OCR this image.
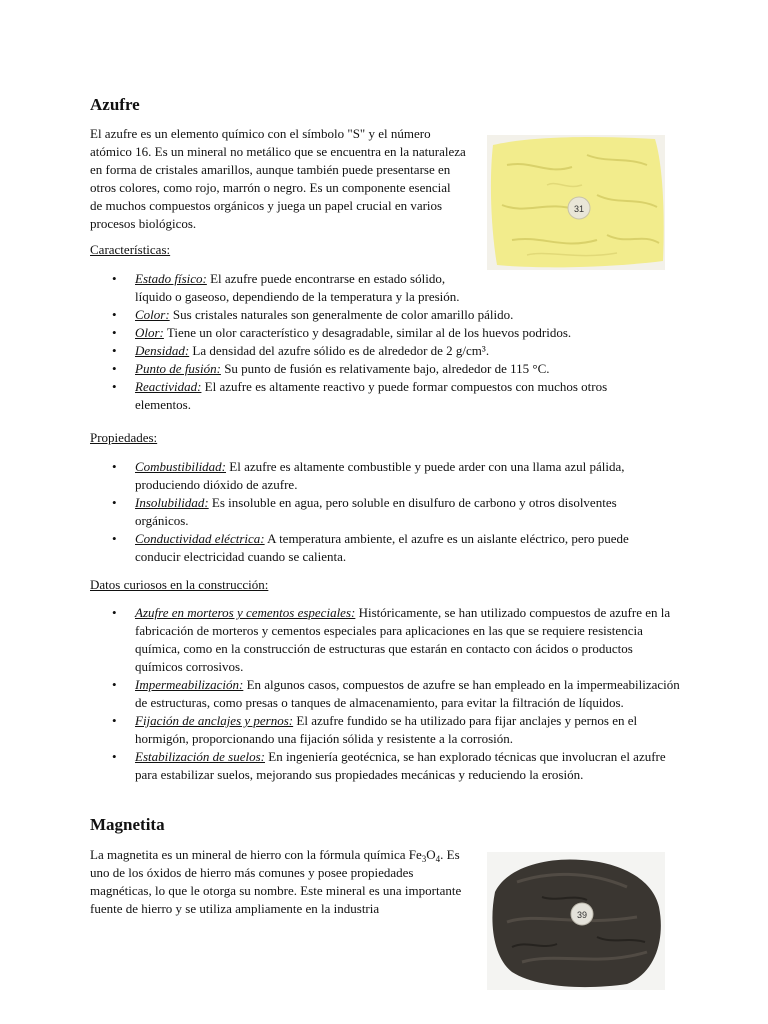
Azufre

El azufre es un elemento químico con el símbolo "S" y el número atómico 16. Es un mineral no metálico que se encuentra en la naturaleza en forma de cristales amarillos, aunque también puede presentarse en otros colores, como rojo, marrón o negro. Es un componente esencial de muchos compuestos orgánicos y juega un papel crucial en varios procesos biológicos.

31

Características:

• Estado físico: El azufre puede encontrarse en estado sólido, líquido o gaseoso, dependiendo de la temperatura y la presión.
• Color: Sus cristales naturales son generalmente de color amarillo pálido.
• Olor: Tiene un olor característico y desagradable, similar al de los huevos podridos.
• Densidad: La densidad del azufre sólido es de alrededor de 2 g/cm³.
• Punto de fusión: Su punto de fusión es relativamente bajo, alrededor de 115 °C.
• Reactividad: El azufre es altamente reactivo y puede formar compuestos con muchos otros elementos.

Propiedades:

• Combustibilidad: El azufre es altamente combustible y puede arder con una llama azul pálida, produciendo dióxido de azufre.
• Insolubilidad: Es insoluble en agua, pero soluble en disulfuro de carbono y otros disolventes orgánicos.
• Conductividad eléctrica: A temperatura ambiente, el azufre es un aislante eléctrico, pero puede conducir electricidad cuando se calienta.

Datos curiosos en la construcción:

• Azufre en morteros y cementos especiales: Históricamente, se han utilizado compuestos de azufre en la fabricación de morteros y cementos especiales para aplicaciones en las que se requiere resistencia química, como en la construcción de estructuras que estarán en contacto con ácidos o productos químicos corrosivos.
• Impermeabilización: En algunos casos, compuestos de azufre se han empleado en la impermeabilización de estructuras, como presas o tanques de almacenamiento, para evitar la filtración de líquidos.
• Fijación de anclajes y pernos: El azufre fundido se ha utilizado para fijar anclajes y pernos en el hormigón, proporcionando una fijación sólida y resistente a la corrosión.
• Estabilización de suelos: En ingeniería geotécnica, se han explorado técnicas que involucran el azufre para estabilizar suelos, mejorando sus propiedades mecánicas y reduciendo la erosión.
Magnetita

La magnetita es un mineral de hierro con la fórmula química $Fe_3O_4$. Es uno de los óxidos de hierro más comunes y posee propiedades magnéticas, lo que le otorga su nombre. Este mineral es una importante fuente de hierro y se utiliza ampliamente en la industria	39
